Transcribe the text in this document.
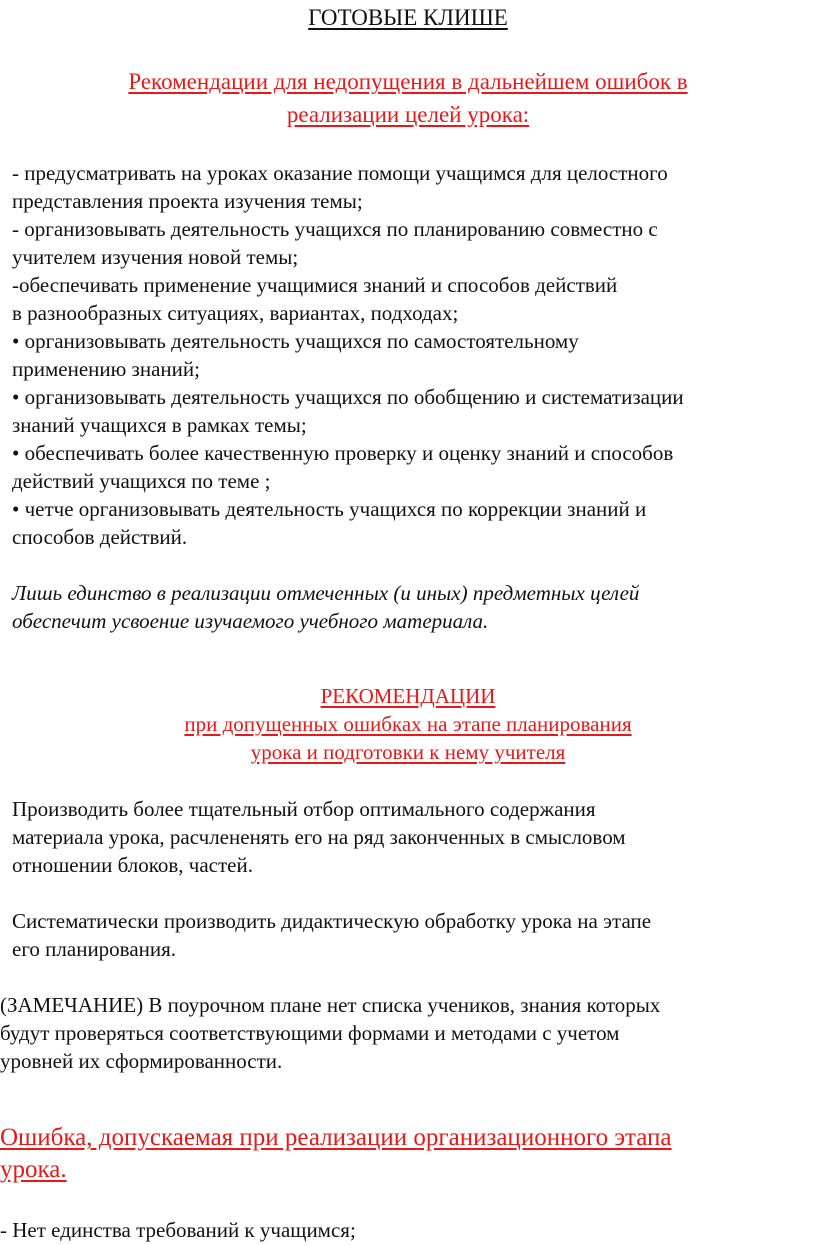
ГОТОВЫЕ КЛИШЕ
Рекомендации для недопущения в дальнейшем ошибок в
реализации целей урока:
- предусматривать на уроках оказание помощи учащимся для целостного
представления проекта изучения темы;
- организовывать деятельность учащихся по планированию совместно с
учителем изучения новой темы;
-обеспечивать применение учащимися знаний и способов действий
в разнообразных ситуациях, вариантах, подходах;
• организовывать деятельность учащихся по самостоятельному
применению знаний;
• организовывать деятельность учащихся по обобщению и систематизации
знаний учащихся в рамках темы;
• обеспечивать более качественную проверку и оценку знаний и способов
действий учащихся по теме ;
• четче организовывать деятельность учащихся по коррекции знаний и
способов действий.
Лишь единство в реализации отмеченных (и иных) предметных целей
обеспечит усвоение изучаемого учебного материала.
РЕКОМЕНДАЦИИ
при допущенных ошибках на этапе планирования
урока и подготовки к нему учителя
Производить более тщательный отбор оптимального содержания
материала урока, расчлененять его на ряд законченных в смысловом
отношении блоков, частей.
Систематически производить дидактическую обработку урока на этапе
его планирования.
(ЗАМЕЧАНИЕ) В поурочном плане нет списка учеников, знания которых
будут проверяться соответствующими формами и методами с учетом
уровней их сформированности.
Ошибка, допускаемая при реализации организационного этапа
урока.
- Нет единства требований к учащимся;
